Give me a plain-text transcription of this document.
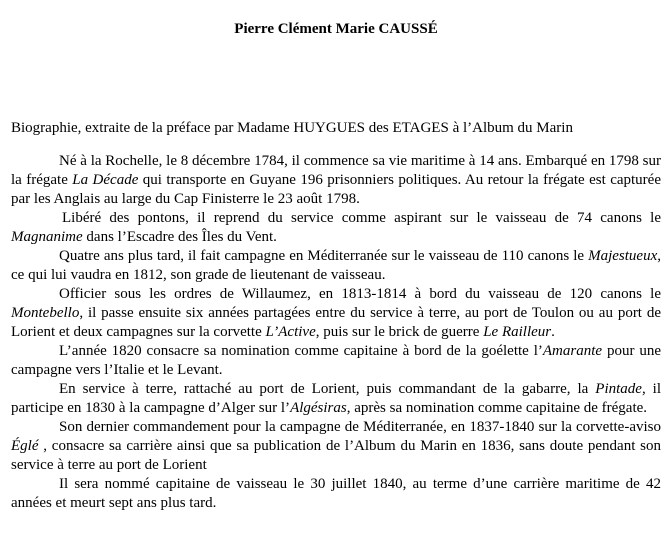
Pierre Clément Marie CAUSSÉ

Biographie, extraite de la préface par Madame HUYGUES des ETAGES à l’Album du Marin

Né à la Rochelle, le 8 décembre 1784, il commence sa vie maritime à 14 ans. Embarqué en 1798 sur la frégate La Décade qui transporte en Guyane 196 prisonniers politiques. Au retour la frégate est capturée par les Anglais au large du Cap Finisterre le 23 août 1798.

Libéré des pontons, il reprend du service comme aspirant sur le vaisseau de 74 canons le Magnanime dans l’Escadre des Îles du Vent.

Quatre ans plus tard, il fait campagne en Méditerranée sur le vaisseau de 110 canons le Majestueux, ce qui lui vaudra en 1812, son grade de lieutenant de vaisseau.

Officier sous les ordres de Willaumez, en 1813-1814 à bord du vaisseau de 120 canons le Montebello, il passe ensuite six années partagées entre du service à terre, au port de Toulon ou au port de Lorient et deux campagnes sur la corvette L’Active, puis sur le brick de guerre Le Railleur.

L’année 1820 consacre sa nomination comme capitaine à bord de la goélette l’Amarante pour une campagne vers l’Italie et le Levant.

En service à terre, rattaché au port de Lorient, puis commandant de la gabarre, la Pintade, il participe en 1830 à la campagne d’Alger sur l’Algésiras, après sa nomination comme capitaine de frégate.

Son dernier commandement pour la campagne de Méditerranée, en 1837-1840 sur la corvette-aviso Églé , consacre sa carrière ainsi que sa publication de l’Album du Marin en 1836, sans doute pendant son service à terre au port de Lorient

Il sera nommé capitaine de vaisseau le 30 juillet 1840, au terme d’une carrière maritime de 42 années et meurt sept ans plus tard.
